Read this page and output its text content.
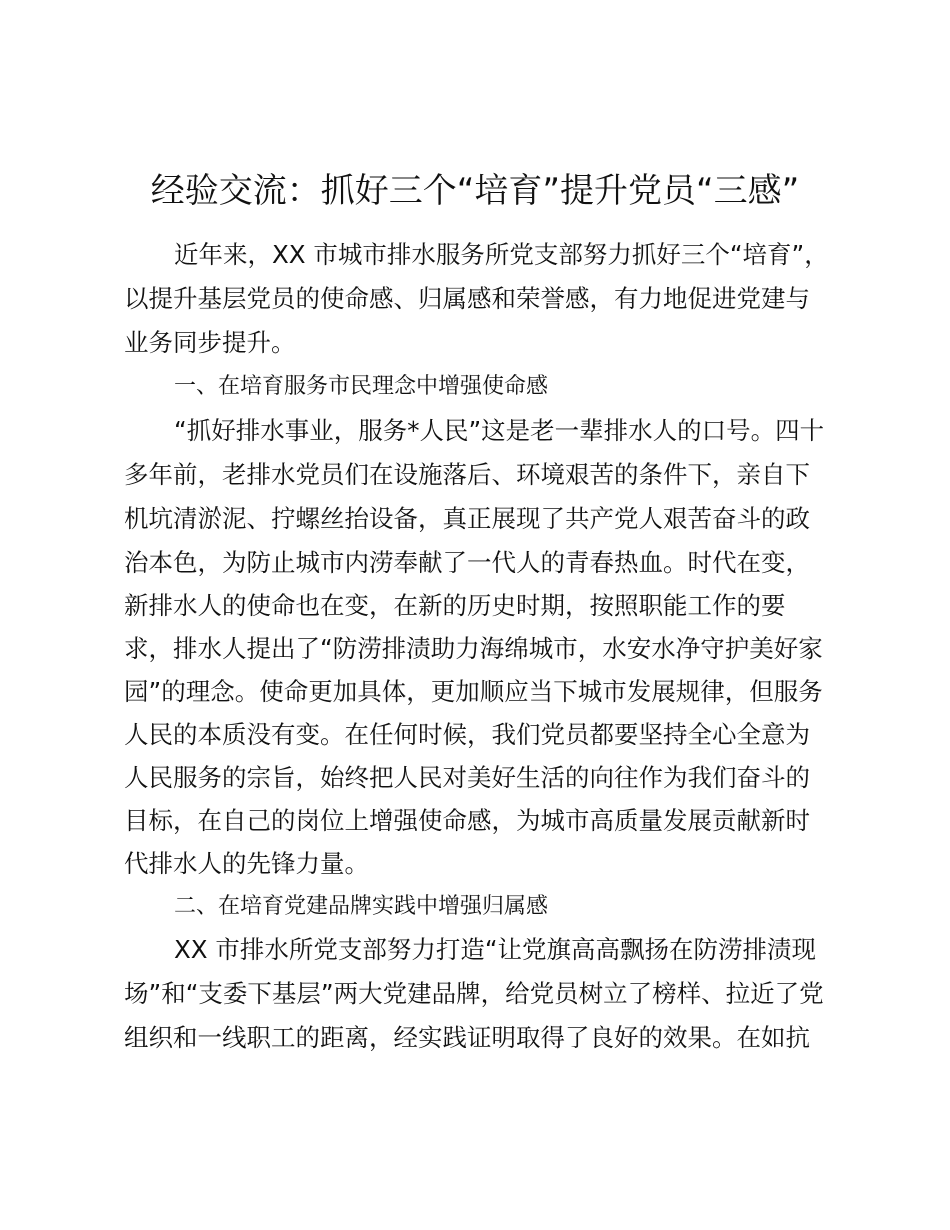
经验交流：抓好三个“培育”提升党员“三感”
近年来，XX 市城市排水服务所党支部努力抓好三个“培育”，
以提升基层党员的使命感、归属感和荣誉感，有力地促进党建与
业务同步提升。
一、在培育服务市民理念中增强使命感
“抓好排水事业，服务*人民”这是老一辈排水人的口号。四十
多年前，老排水党员们在设施落后、环境艰苦的条件下，亲自下
机坑清淤泥、拧螺丝抬设备，真正展现了共产党人艰苦奋斗的政
治本色，为防止城市内涝奉献了一代人的青春热血。时代在变，
新排水人的使命也在变，在新的历史时期，按照职能工作的要
求，排水人提出了“防涝排渍助力海绵城市，水安水净守护美好家
园”的理念。使命更加具体，更加顺应当下城市发展规律，但服务
人民的本质没有变。在任何时候，我们党员都要坚持全心全意为
人民服务的宗旨，始终把人民对美好生活的向往作为我们奋斗的
目标，在自己的岗位上增强使命感，为城市高质量发展贡献新时
代排水人的先锋力量。
二、在培育党建品牌实践中增强归属感
XX 市排水所党支部努力打造“让党旗高高飘扬在防涝排渍现
场”和“支委下基层”两大党建品牌，给党员树立了榜样、拉近了党
组织和一线职工的距离，经实践证明取得了良好的效果。在如抗
